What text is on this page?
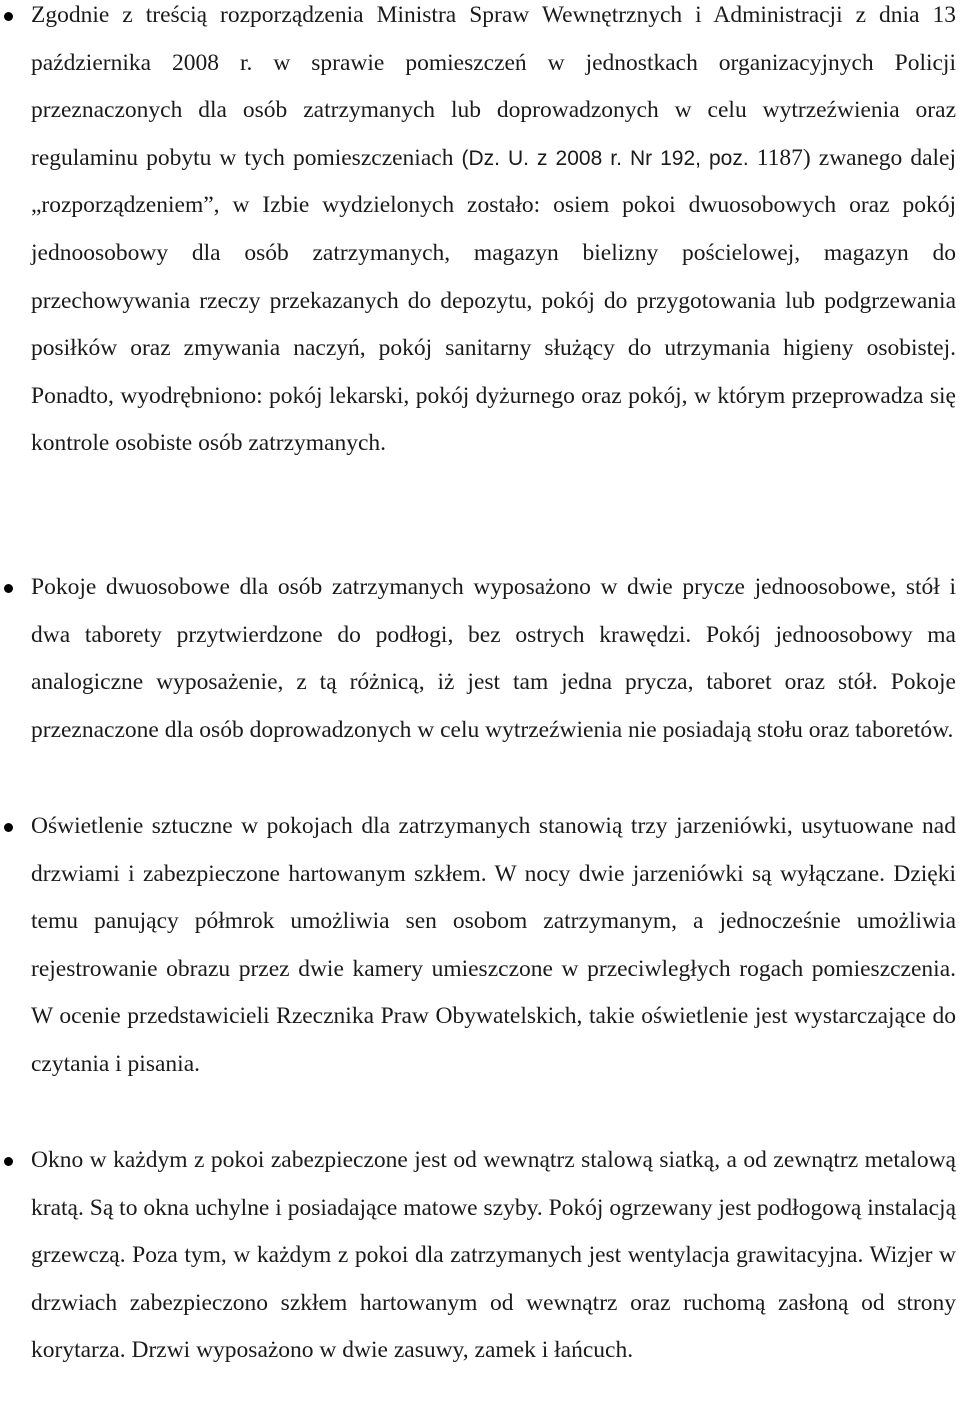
Zgodnie z treścią rozporządzenia Ministra Spraw Wewnętrznych i Administracji z dnia 13 października 2008 r. w sprawie pomieszczeń w jednostkach organizacyjnych Policji przeznaczonych dla osób zatrzymanych lub doprowadzonych w celu wytrzeźwienia oraz regulaminu pobytu w tych pomieszczeniach (Dz. U. z 2008 r. Nr 192, poz. 1187) zwanego dalej „rozporządzeniem”, w Izbie wydzielonych zostało: osiem pokoi dwuosobowych oraz pokój jednoosobowy dla osób zatrzymanych, magazyn bielizny pościelowej, magazyn do przechowywania rzeczy przekazanych do depozytu, pokój do przygotowania lub podgrzewania posiłków oraz zmywania naczyń, pokój sanitarny służący do utrzymania higieny osobistej. Ponadto, wyodrębniono: pokój lekarski, pokój dyżurnego oraz pokój, w którym przeprowadza się kontrole osobiste osób zatrzymanych.

Pokoje dwuosobowe dla osób zatrzymanych wyposażono w dwie prycze jednoosobowe, stół i dwa taborety przytwierdzone do podłogi, bez ostrych krawędzi. Pokój jednoosobowy ma analogiczne wyposażenie, z tą różnicą, iż jest tam jedna prycza, taboret oraz stół. Pokoje przeznaczone dla osób doprowadzonych w celu wytrzeźwienia nie posiadają stołu oraz taboretów.

Oświetlenie sztuczne w pokojach dla zatrzymanych stanowią trzy jarzeniówki, usytuowane nad drzwiami i zabezpieczone hartowanym szkłem. W nocy dwie jarzeniówki są wyłączane. Dzięki temu panujący półmrok umożliwia sen osobom zatrzymanym, a jednocześnie umożliwia rejestrowanie obrazu przez dwie kamery umieszczone w przeciwległych rogach pomieszczenia. W ocenie przedstawicieli Rzecznika Praw Obywatelskich, takie oświetlenie jest wystarczające do czytania i pisania.

Okno w każdym z pokoi zabezpieczone jest od wewnątrz stalową siatką, a od zewnątrz metalową kratą. Są to okna uchylne i posiadające matowe szyby. Pokój ogrzewany jest podłogową instalacją grzewczą. Poza tym, w każdym z pokoi dla zatrzymanych jest wentylacja grawitacyjna. Wizjer w drzwiach zabezpieczono szkłem hartowanym od wewnątrz oraz ruchomą zasłoną od strony korytarza. Drzwi wyposażono w dwie zasuwy, zamek i łańcuch.
